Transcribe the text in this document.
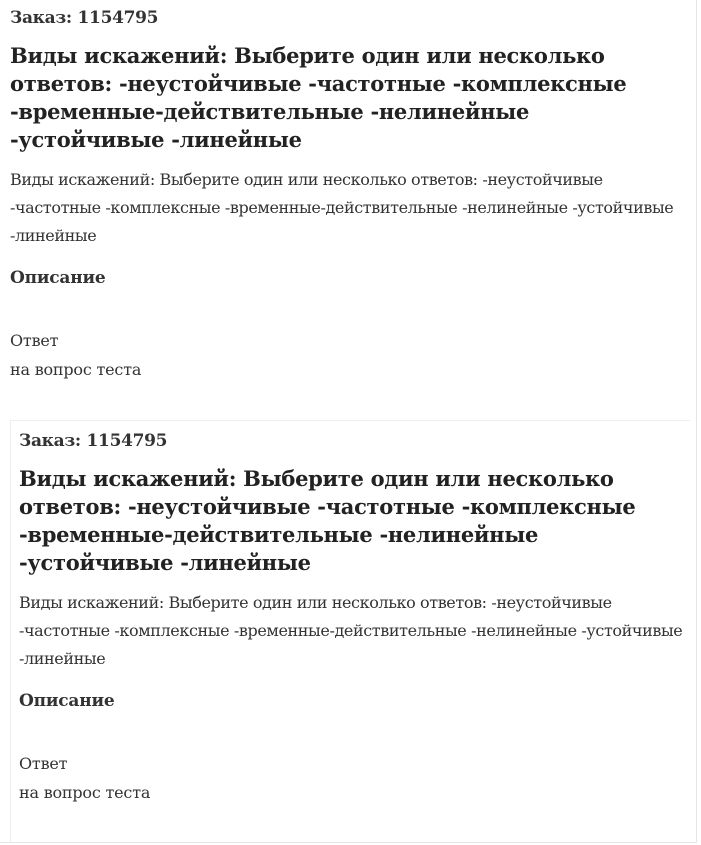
Заказ: 1154795
Виды искажений: Выберите один или несколько ответов: -неустойчивые -частотные -комплексные -временные-действительные -нелинейные -устойчивые -линейные
Виды искажений: Выберите один или несколько ответов: -неустойчивые -частотные -комплексные -временные-действительные -нелинейные -устойчивые -линейные
Описание
Ответ
на вопрос теста
Заказ: 1154795
Виды искажений: Выберите один или несколько ответов: -неустойчивые -частотные -комплексные -временные-действительные -нелинейные -устойчивые -линейные
Виды искажений: Выберите один или несколько ответов: -неустойчивые -частотные -комплексные -временные-действительные -нелинейные -устойчивые -линейные
Описание
Ответ
на вопрос теста
